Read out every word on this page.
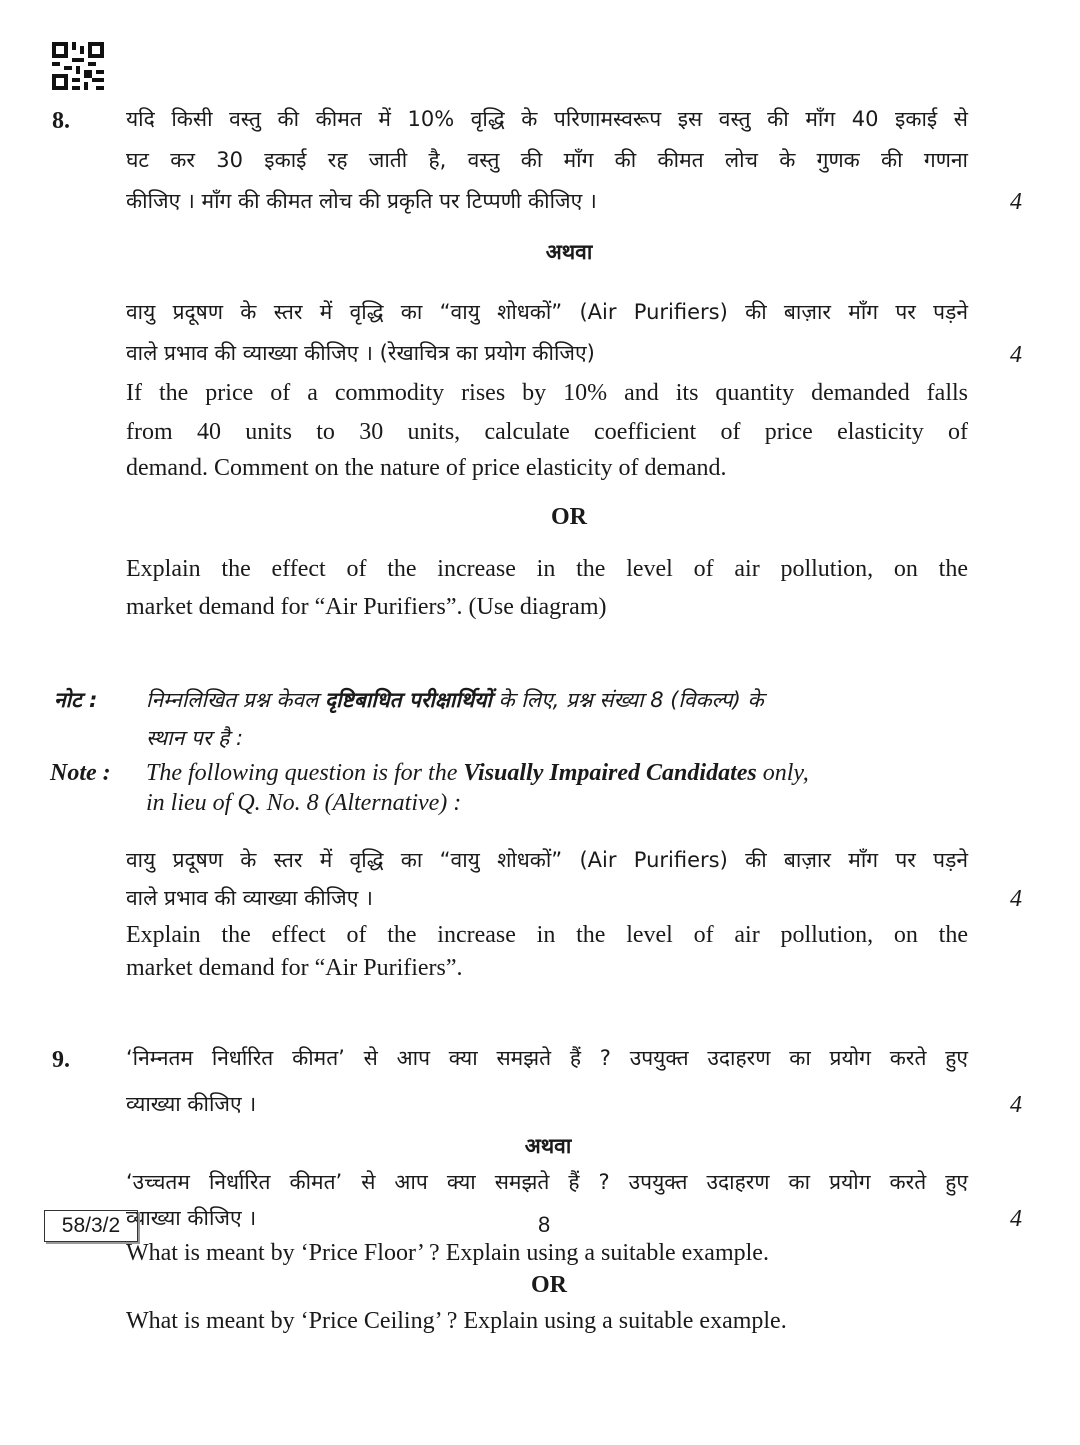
8.	यदि किसी वस्तु की कीमत में 10% वृद्धि के परिणामस्वरूप इस वस्तु की माँग 40 इकाई से
घट कर 30 इकाई रह जाती है, वस्तु की माँग की कीमत लोच के गुणक की गणना
कीजिए । माँग की कीमत लोच की प्रकृति पर टिप्पणी कीजिए ।	4
अथवा
वायु प्रदूषण के स्तर में वृद्धि का “वायु शोधकों” (Air Purifiers) की बाज़ार माँग पर पड़ने
वाले प्रभाव की व्याख्या कीजिए । (रेखाचित्र का प्रयोग कीजिए)	4
If the price of a commodity rises by 10% and its quantity demanded falls
from 40 units to 30 units, calculate coefficient of price elasticity of
demand. Comment on the nature of price elasticity of demand.
OR
Explain the effect of the increase in the level of air pollution, on the
market demand for “Air Purifiers”. (Use diagram)
नोट : निम्नलिखित प्रश्न केवल दृष्टिबाधित परीक्षार्थियों के लिए, प्रश्न संख्या 8 (विकल्प) के
स्थान पर है :
Note : The following question is for the Visually Impaired Candidates only,
in lieu of Q. No. 8 (Alternative) :
वायु प्रदूषण के स्तर में वृद्धि का “वायु शोधकों” (Air Purifiers) की बाज़ार माँग पर पड़ने
वाले प्रभाव की व्याख्या कीजिए ।	4
Explain the effect of the increase in the level of air pollution, on the
market demand for “Air Purifiers”.
9.	‘निम्नतम निर्धारित कीमत’ से आप क्या समझते हैं ? उपयुक्त उदाहरण का प्रयोग करते हुए
व्याख्या कीजिए ।	4
अथवा
‘उच्चतम निर्धारित कीमत’ से आप क्या समझते हैं ? उपयुक्त उदाहरण का प्रयोग करते हुए
व्याख्या कीजिए ।	4
What is meant by ‘Price Floor’ ? Explain using a suitable example.
OR
What is meant by ‘Price Ceiling’ ? Explain using a suitable example.
58/3/2	8
